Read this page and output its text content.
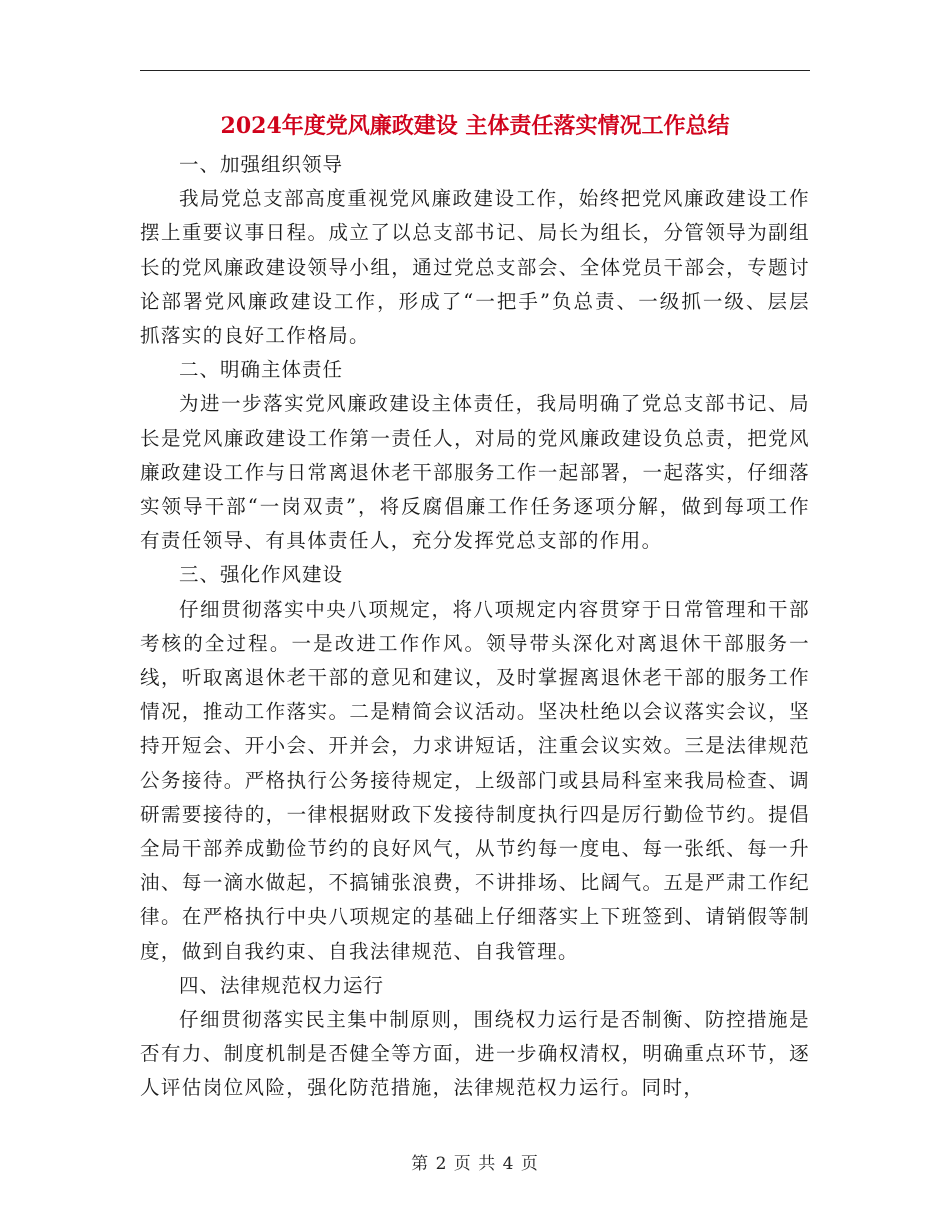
2024年度党风廉政建设 主体责任落实情况工作总结

一、加强组织领导

我局党总支部高度重视党风廉政建设工作，始终把党风廉政建设工作摆上重要议事日程。成立了以总支部书记、局长为组长，分管领导为副组长的党风廉政建设领导小组，通过党总支部会、全体党员干部会，专题讨论部署党风廉政建设工作，形成了“一把手”负总责、一级抓一级、层层抓落实的良好工作格局。

二、明确主体责任

为进一步落实党风廉政建设主体责任，我局明确了党总支部书记、局长是党风廉政建设工作第一责任人，对局的党风廉政建设负总责，把党风廉政建设工作与日常离退休老干部服务工作一起部署，一起落实，仔细落实领导干部“一岗双责”，将反腐倡廉工作任务逐项分解，做到每项工作有责任领导、有具体责任人，充分发挥党总支部的作用。

三、强化作风建设

仔细贯彻落实中央八项规定，将八项规定内容贯穿于日常管理和干部考核的全过程。一是改进工作作风。领导带头深化对离退休干部服务一线，听取离退休老干部的意见和建议，及时掌握离退休老干部的服务工作情况，推动工作落实。二是精简会议活动。坚决杜绝以会议落实会议，坚持开短会、开小会、开并会，力求讲短话，注重会议实效。三是法律规范公务接待。严格执行公务接待规定，上级部门或县局科室来我局检查、调研需要接待的，一律根据财政下发接待制度执行四是厉行勤俭节约。提倡全局干部养成勤俭节约的良好风气，从节约每一度电、每一张纸、每一升油、每一滴水做起，不搞铺张浪费，不讲排场、比阔气。五是严肃工作纪律。在严格执行中央八项规定的基础上仔细落实上下班签到、请销假等制度，做到自我约束、自我法律规范、自我管理。

四、法律规范权力运行

仔细贯彻落实民主集中制原则，围绕权力运行是否制衡、防控措施是否有力、制度机制是否健全等方面，进一步确权清权，明确重点环节，逐人评估岗位风险，强化防范措施，法律规范权力运行。同时，

第 2 页 共 4 页
